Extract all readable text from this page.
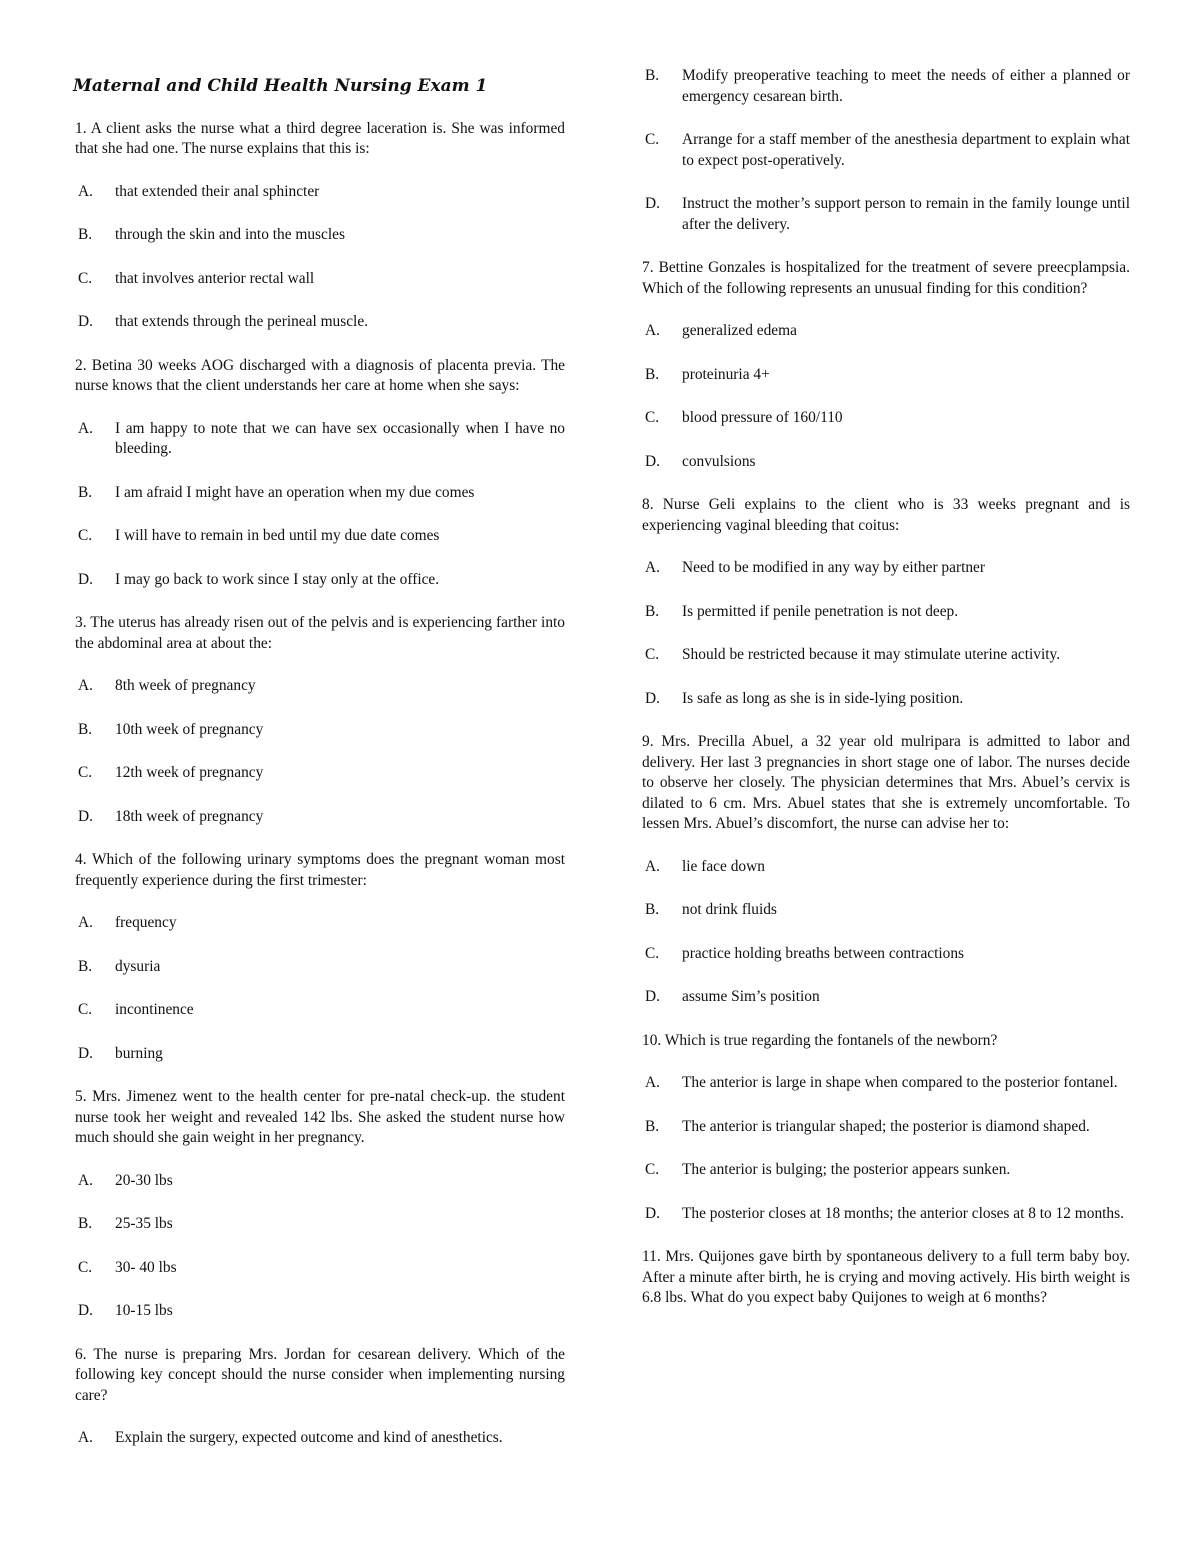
Maternal and Child Health Nursing Exam 1
1. A client asks the nurse what a third degree laceration is. She was informed that she had one. The nurse explains that this is:
A.	that extended their anal sphincter
B.	through the skin and into the muscles
C.	that involves anterior rectal wall
D.	that extends through the perineal muscle.
2. Betina 30 weeks AOG discharged with a diagnosis of placenta previa. The nurse knows that the client understands her care at home when she says:
A.	I am happy to note that we can have sex occasionally when I have no bleeding.
B.	I am afraid I might have an operation when my due comes
C.	I will have to remain in bed until my due date comes
D.	I may go back to work since I stay only at the office.
3. The uterus has already risen out of the pelvis and is experiencing farther into the abdominal area at about the:
A.	8th week of pregnancy
B.	10th week of pregnancy
C.	12th week of pregnancy
D.	18th week of pregnancy
4. Which of the following urinary symptoms does the pregnant woman most frequently experience during the first trimester:
A.	frequency
B.	dysuria
C.	incontinence
D.	burning
5. Mrs. Jimenez went to the health center for pre-natal check-up. the student nurse took her weight and revealed 142 lbs. She asked the student nurse how much should she gain weight in her pregnancy.
A.	20-30 lbs
B.	25-35 lbs
C.	30- 40 lbs
D.	10-15 lbs
6. The nurse is preparing Mrs. Jordan for cesarean delivery. Which of the following key concept should the nurse consider when implementing nursing care?
A.	Explain the surgery, expected outcome and kind of anesthetics.
B.	Modify preoperative teaching to meet the needs of either a planned or emergency cesarean birth.
C.	Arrange for a staff member of the anesthesia department to explain what to expect post-operatively.
D.	Instruct the mother’s support person to remain in the family lounge until after the delivery.
7. Bettine Gonzales is hospitalized for the treatment of severe preecplampsia. Which of the following represents an unusual finding for this condition?
A.	generalized edema
B.	proteinuria 4+
C.	blood pressure of 160/110
D.	convulsions
8. Nurse Geli explains to the client who is 33 weeks pregnant and is experiencing vaginal bleeding that coitus:
A.	Need to be modified in any way by either partner
B.	Is permitted if penile penetration is not deep.
C.	Should be restricted because it may stimulate uterine activity.
D.	Is safe as long as she is in side-lying position.
9. Mrs. Precilla Abuel, a 32 year old mulripara is admitted to labor and delivery. Her last 3 pregnancies in short stage one of labor. The nurses decide to observe her closely. The physician determines that Mrs. Abuel’s cervix is dilated to 6 cm. Mrs. Abuel states that she is extremely uncomfortable. To lessen Mrs. Abuel’s discomfort, the nurse can advise her to:
A.	lie face down
B.	not drink fluids
C.	practice holding breaths between contractions
D.	assume Sim’s position
10. Which is true regarding the fontanels of the newborn?
A.	The anterior is large in shape when compared to the posterior fontanel.
B.	The anterior is triangular shaped; the posterior is diamond shaped.
C.	The anterior is bulging; the posterior appears sunken.
D.	The posterior closes at 18 months; the anterior closes at 8 to 12 months.
11. Mrs. Quijones gave birth by spontaneous delivery to a full term baby boy. After a minute after birth, he is crying and moving actively. His birth weight is 6.8 lbs. What do you expect baby Quijones to weigh at 6 months?
